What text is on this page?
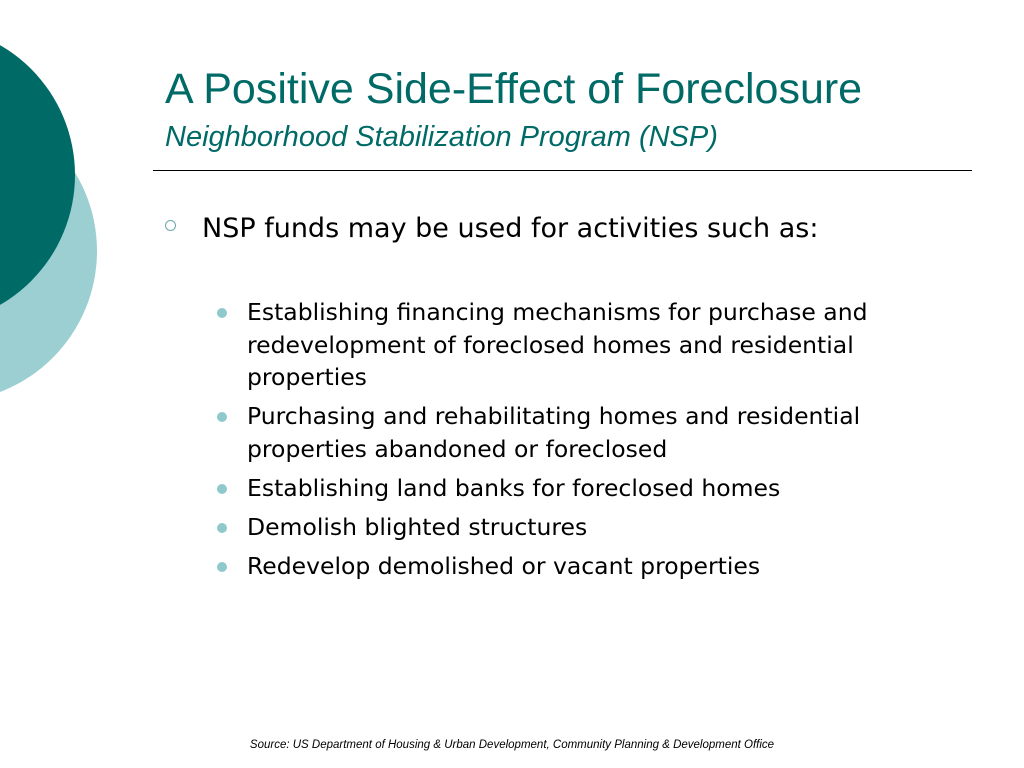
A Positive Side-Effect of Foreclosure
Neighborhood Stabilization Program (NSP)
NSP funds may be used for activities such as:
Establishing financing mechanisms for purchase and redevelopment of foreclosed homes and residential properties
Purchasing and rehabilitating homes and residential properties abandoned or foreclosed
Establishing land banks for foreclosed homes
Demolish blighted structures
Redevelop demolished or vacant properties
Source: US Department of Housing & Urban Development, Community Planning & Development Office
